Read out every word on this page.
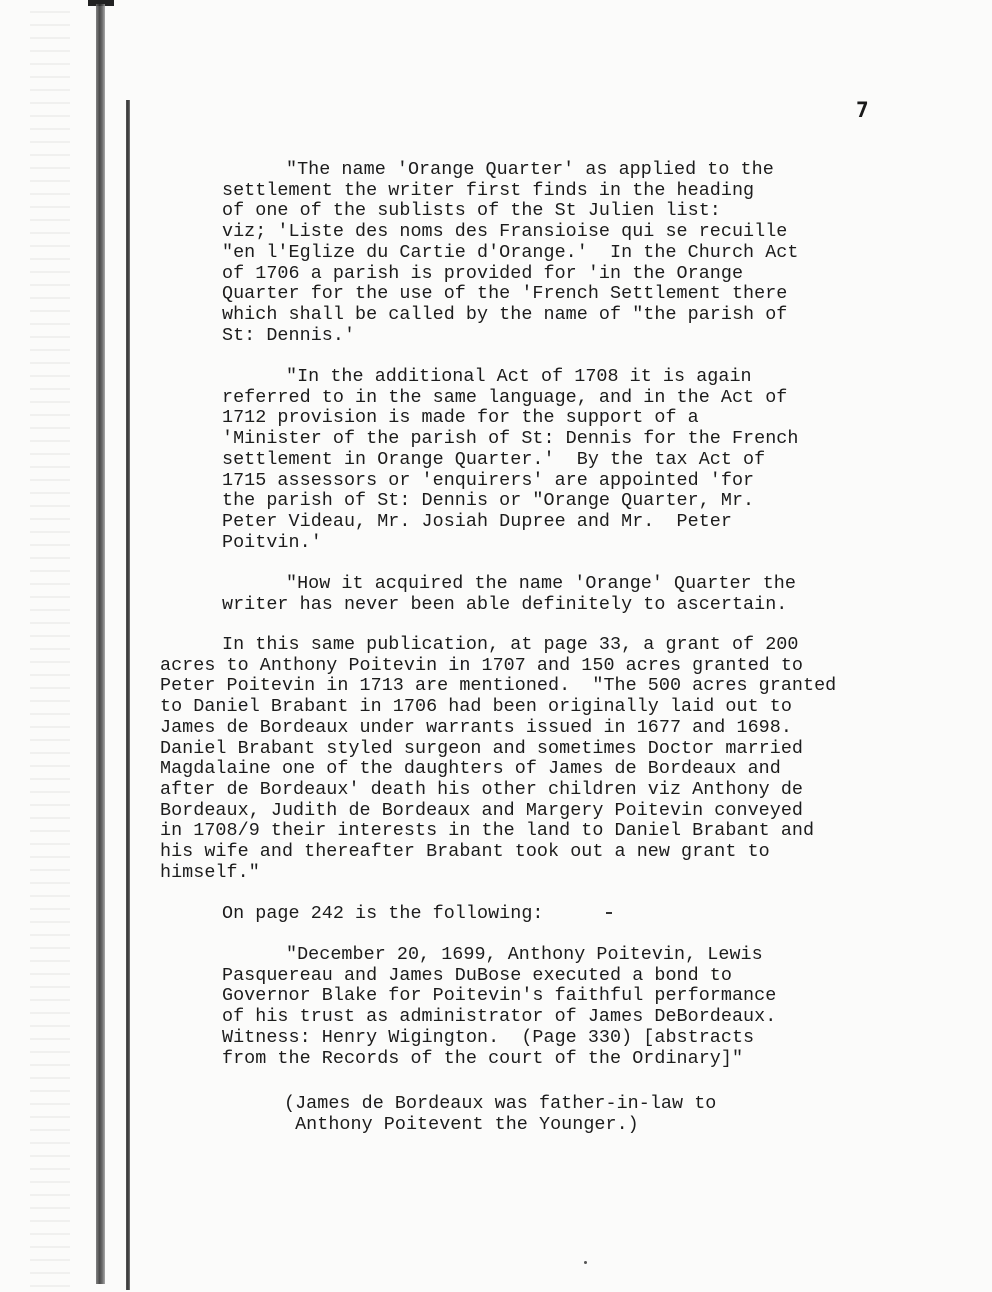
7
"The name 'Orange Quarter' as applied to the
settlement the writer first finds in the heading
of one of the sublists of the St Julien list:
viz; 'Liste des noms des Fransioise qui se recuille
"en l'Eglize du Cartie d'Orange.'  In the Church Act
of 1706 a parish is provided for 'in the Orange
Quarter for the use of the 'French Settlement there
which shall be called by the name of "the parish of
St: Dennis.'
"In the additional Act of 1708 it is again
referred to in the same language, and in the Act of
1712 provision is made for the support of a
'Minister of the parish of St: Dennis for the French
settlement in Orange Quarter.'  By the tax Act of
1715 assessors or 'enquirers' are appointed 'for
the parish of St: Dennis or "Orange Quarter, Mr.
Peter Videau, Mr. Josiah Dupree and Mr.  Peter
Poitvin.'
"How it acquired the name 'Orange' Quarter the
writer has never been able definitely to ascertain.
In this same publication, at page 33, a grant of 200
acres to Anthony Poitevin in 1707 and 150 acres granted to
Peter Poitevin in 1713 are mentioned.  "The 500 acres granted
to Daniel Brabant in 1706 had been originally laid out to
James de Bordeaux under warrants issued in 1677 and 1698.
Daniel Brabant styled surgeon and sometimes Doctor married
Magdalaine one of the daughters of James de Bordeaux and
after de Bordeaux' death his other children viz Anthony de
Bordeaux, Judith de Bordeaux and Margery Poitevin conveyed
in 1708/9 their interests in the land to Daniel Brabant and
his wife and thereafter Brabant took out a new grant to
himself."
On page 242 is the following:
"December 20, 1699, Anthony Poitevin, Lewis
Pasquereau and James DuBose executed a bond to
Governor Blake for Poitevin's faithful performance
of his trust as administrator of James DeBordeaux.
Witness: Henry Wigington.  (Page 330) [abstracts
from the Records of the court of the Ordinary]"
(James de Bordeaux was father-in-law to
Anthony Poitevent the Younger.)
